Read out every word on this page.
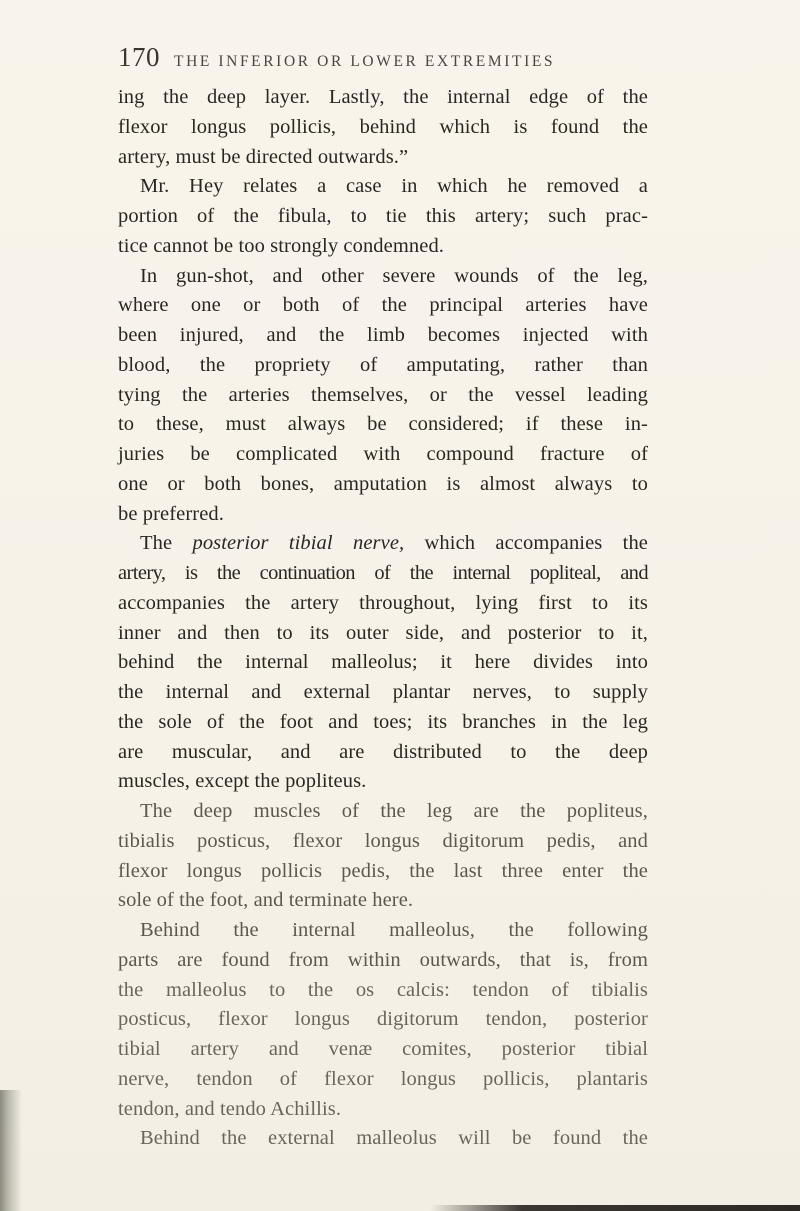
170 THE INFERIOR OR LOWER EXTREMITIES
ing the deep layer. Lastly, the internal edge of the
flexor longus pollicis, behind which is found the
artery, must be directed outwards.”
Mr. Hey relates a case in which he removed a
portion of the fibula, to tie this artery; such prac-
tice cannot be too strongly condemned.
In gun-shot, and other severe wounds of the leg,
where one or both of the principal arteries have
been injured, and the limb becomes injected with
blood, the propriety of amputating, rather than
tying the arteries themselves, or the vessel leading
to these, must always be considered; if these in-
juries be complicated with compound fracture of
one or both bones, amputation is almost always to
be preferred.
The posterior tibial nerve, which accompanies the
artery, is the continuation of the internal popliteal, and
accompanies the artery throughout, lying first to its
inner and then to its outer side, and posterior to it,
behind the internal malleolus; it here divides into
the internal and external plantar nerves, to supply
the sole of the foot and toes; its branches in the leg
are muscular, and are distributed to the deep
muscles, except the popliteus.
The deep muscles of the leg are the popliteus,
tibialis posticus, flexor longus digitorum pedis, and
flexor longus pollicis pedis, the last three enter the
sole of the foot, and terminate here.
Behind the internal malleolus, the following
parts are found from within outwards, that is, from
the malleolus to the os calcis: tendon of tibialis
posticus, flexor longus digitorum tendon, posterior
tibial artery and venæ comites, posterior tibial
nerve, tendon of flexor longus pollicis, plantaris
tendon, and tendo Achillis.
Behind the external malleolus will be found the
